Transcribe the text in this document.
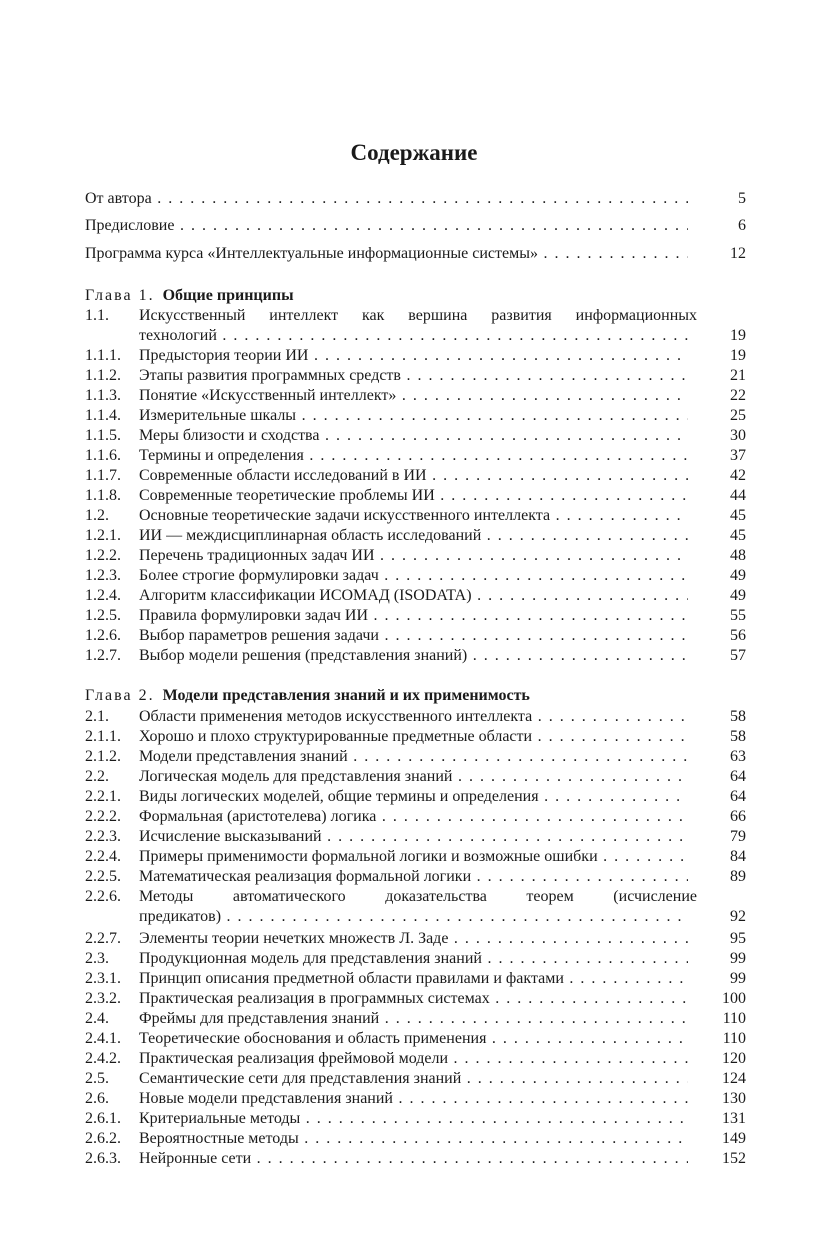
Содержание
От автора . . .	5
Предисловие . . .	6
Программа курса «Интеллектуальные информационные системы» . . .	12
Глава 1. Общие принципы
1.1. Искусственный интеллект как вершина развития информационных
технологий . . .	19
1.1.1. Предыстория теории ИИ . . .	19
1.1.2. Этапы развития программных средств . . .	21
1.1.3. Понятие «Искусственный интеллект» . . .	22
1.1.4. Измерительные шкалы . . .	25
1.1.5. Меры близости и сходства . . .	30
1.1.6. Термины и определения . . .	37
1.1.7. Современные области исследований в ИИ . . .	42
1.1.8. Современные теоретические проблемы ИИ . . .	44
1.2. Основные теоретические задачи искусственного интеллекта . . .	45
1.2.1. ИИ — междисциплинарная область исследований . . .	45
1.2.2. Перечень традиционных задач ИИ . . .	48
1.2.3. Более строгие формулировки задач . . .	49
1.2.4. Алгоритм классификации ИСОМАД (ISODATA) . . .	49
1.2.5. Правила формулировки задач ИИ . . .	55
1.2.6. Выбор параметров решения задачи . . .	56
1.2.7. Выбор модели решения (представления знаний) . . .	57
Глава 2. Модели представления знаний и их применимость
2.1. Области применения методов искусственного интеллекта . . .	58
2.1.1. Хорошо и плохо структурированные предметные области . . .	58
2.1.2. Модели представления знаний . . .	63
2.2. Логическая модель для представления знаний . . .	64
2.2.1. Виды логических моделей, общие термины и определения . . .	64
2.2.2. Формальная (аристотелева) логика . . .	66
2.2.3. Исчисление высказываний . . .	79
2.2.4. Примеры применимости формальной логики и возможные ошибки . . .	84
2.2.5. Математическая реализация формальной логики . . .	89
2.2.6. Методы автоматического доказательства теорем (исчисление
предикатов) . . .	92
2.2.7. Элементы теории нечетких множеств Л. Заде . . .	95
2.3. Продукционная модель для представления знаний . . .	99
2.3.1. Принцип описания предметной области правилами и фактами . . .	99
2.3.2. Практическая реализация в программных системах . . .	100
2.4. Фреймы для представления знаний . . .	110
2.4.1. Теоретические обоснования и область применения . . .	110
2.4.2. Практическая реализация фреймовой модели . . .	120
2.5. Семантические сети для представления знаний . . .	124
2.6. Новые модели представления знаний . . .	130
2.6.1. Критериальные методы . . .	131
2.6.2. Вероятностные методы . . .	149
2.6.3. Нейронные сети . . .	152
